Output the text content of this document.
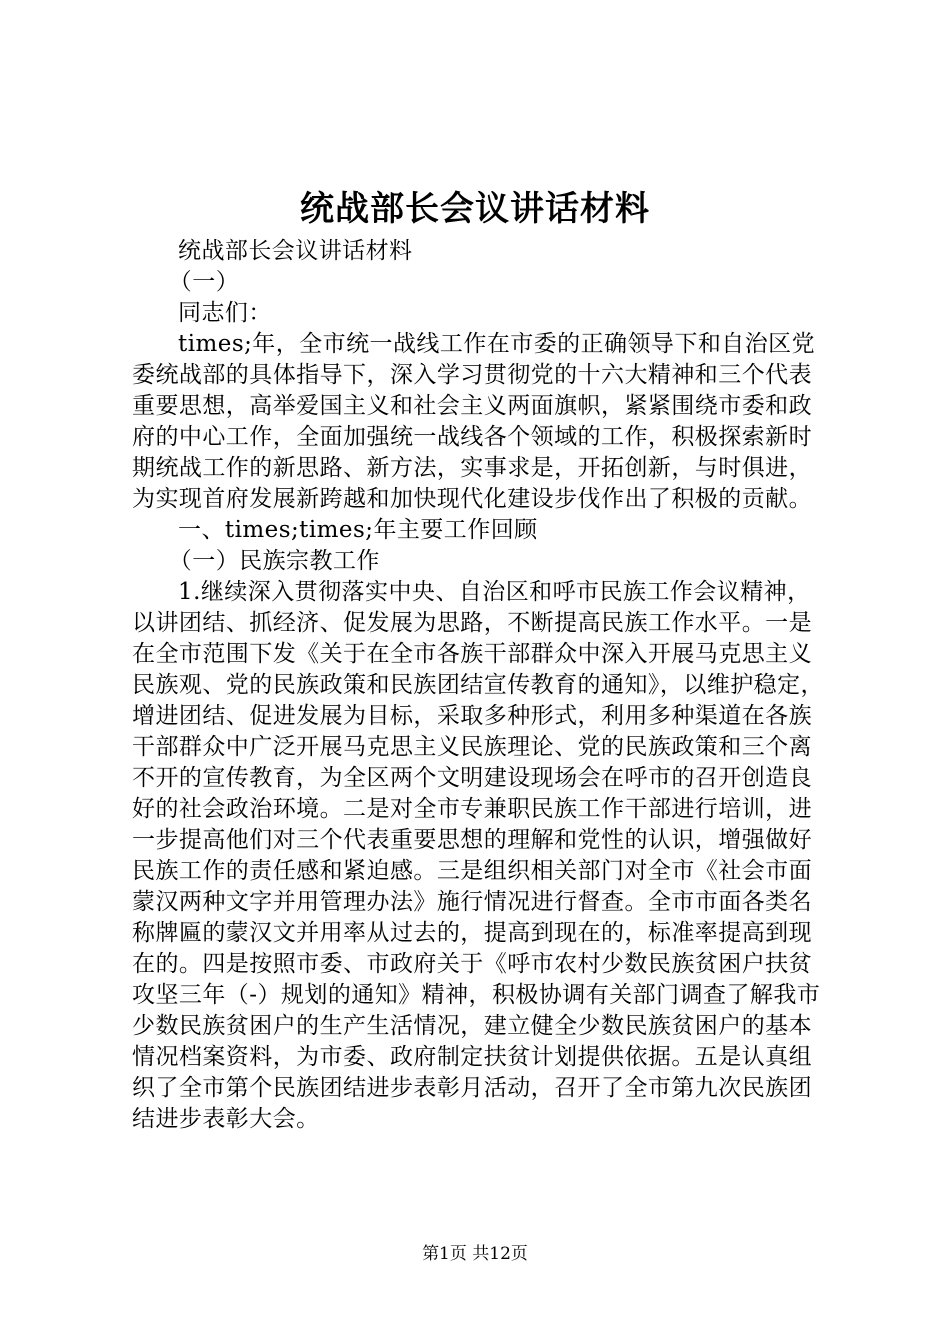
统战部长会议讲话材料

统战部长会议讲话材料

（一）

同志们：

times;年，全市统一战线工作在市委的正确领导下和自治区党委统战部的具体指导下，深入学习贯彻党的十六大精神和三个代表重要思想，高举爱国主义和社会主义两面旗帜，紧紧围绕市委和政府的中心工作，全面加强统一战线各个领域的工作，积极探索新时期统战工作的新思路、新方法，实事求是，开拓创新，与时俱进，为实现首府发展新跨越和加快现代化建设步伐作出了积极的贡献。

一、times;times;年主要工作回顾

（一）民族宗教工作

1.继续深入贯彻落实中央、自治区和呼市民族工作会议精神，以讲团结、抓经济、促发展为思路，不断提高民族工作水平。一是在全市范围下发《关于在全市各族干部群众中深入开展马克思主义民族观、党的民族政策和民族团结宣传教育的通知》，以维护稳定，增进团结、促进发展为目标，采取多种形式，利用多种渠道在各族干部群众中广泛开展马克思主义民族理论、党的民族政策和三个离不开的宣传教育，为全区两个文明建设现场会在呼市的召开创造良好的社会政治环境。二是对全市专兼职民族工作干部进行培训，进一步提高他们对三个代表重要思想的理解和党性的认识，增强做好民族工作的责任感和紧迫感。三是组织相关部门对全市《社会市面蒙汉两种文字并用管理办法》施行情况进行督查。全市市面各类名称牌匾的蒙汉文并用率从过去的，提高到现在的，标准率提高到现在的。四是按照市委、市政府关于《呼市农村少数民族贫困户扶贫攻坚三年（-）规划的通知》精神，积极协调有关部门调查了解我市少数民族贫困户的生产生活情况，建立健全少数民族贫困户的基本情况档案资料，为市委、政府制定扶贫计划提供依据。五是认真组织了全市第个民族团结进步表彰月活动，召开了全市第九次民族团结进步表彰大会。

第1页 共12页
